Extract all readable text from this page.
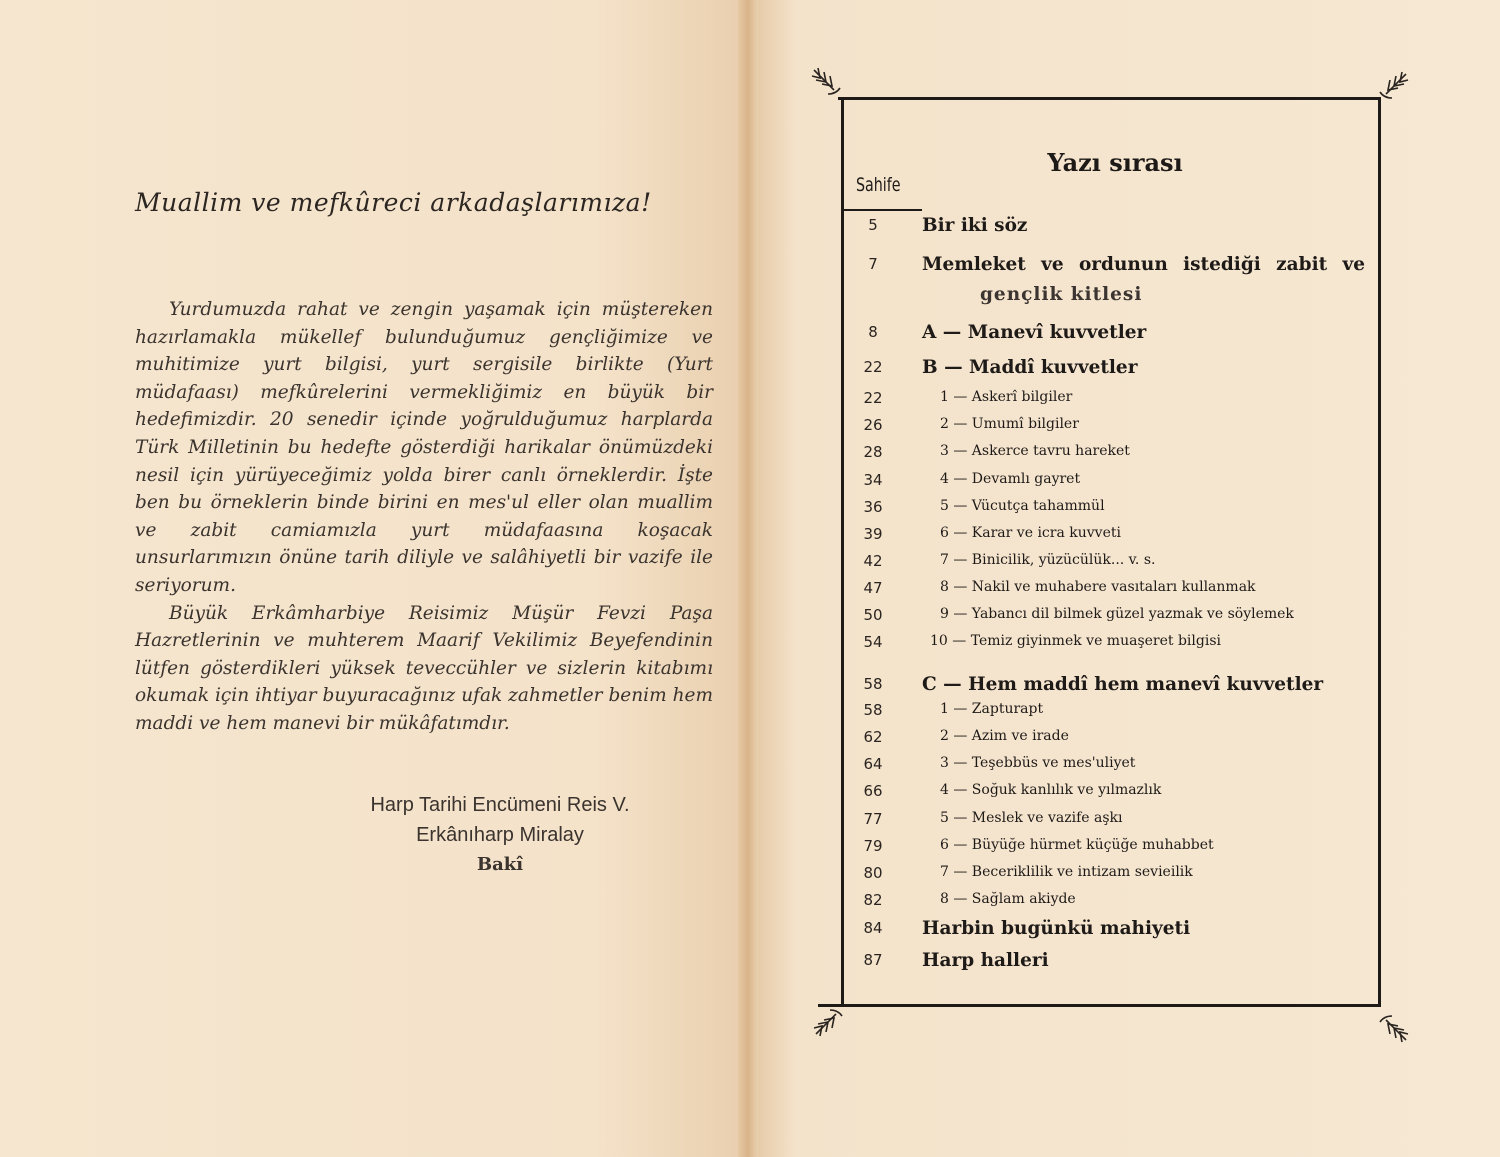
Muallim ve mefkûreci arkadaşlarımıza!

Yurdumuzda rahat ve zengin yaşamak için müştereken hazırlamakla mükellef bulunduğumuz gençliğimize ve muhitimize yurt bilgisi, yurt sergisile birlikte (Yurt müdafaası) mefkûrelerini vermekliğimiz en büyük bir hedefimizdir. 20 senedir içinde yoğrulduğumuz harplarda Türk Milletinin bu hedefte gösterdiği harikalar önümüzdeki nesil için yürüyeceğimiz yolda birer canlı örneklerdir. İşte ben bu örneklerin binde birini en mes'ul eller olan muallim ve zabit camiamızla yurt müdafaasına koşacak unsurlarımızın önüne tarih diliyle ve salâhiyetli bir vazife ile seriyorum.

Büyük Erkâmharbiye Reisimiz Müşür Fevzi Paşa Hazretlerinin ve muhterem Maarif Vekilimiz Beyefendinin lütfen gösterdikleri yüksek teveccühler ve sizlerin kitabımı okumak için ihtiyar buyuracağınız ufak zahmetler benim hem maddi ve hem manevi bir mükâfatımdır.

Harp Tarihi Encümeni Reis V.
Erkânıharp Miralay
Bakî
Yazı sırası
Sahife
5	Bir iki söz
7	Memleket ve ordunun istediği zabit ve
gençlik kitlesi
8	A — Manevî kuvvetler
22	B — Maddî kuvvetler
22	1 — Askerî bilgiler
26	2 — Umumî bilgiler
28	3 — Askerce tavru hareket
34	4 — Devamlı gayret
36	5 — Vücutça tahammül
39	6 — Karar ve icra kuvveti
42	7 — Binicilik, yüzücülük... v. s.
47	8 — Nakil ve muhabere vasıtaları kullanmak
50	9 — Yabancı dil bilmek güzel yazmak ve söylemek
54	10 — Temiz giyinmek ve muaşeret bilgisi
58	C — Hem maddî hem manevî kuvvetler
58	1 — Zapturapt
62	2 — Azim ve irade
64	3 — Teşebbüs ve mes'uliyet
66	4 — Soğuk kanlılık ve yılmazlık
77	5 — Meslek ve vazife aşkı
79	6 — Büyüğe hürmet küçüğe muhabbet
80	7 — Beceriklilik ve intizam sevieilik
82	8 — Sağlam akiyde
84	Harbin bugünkü mahiyeti
87	Harp halleri
